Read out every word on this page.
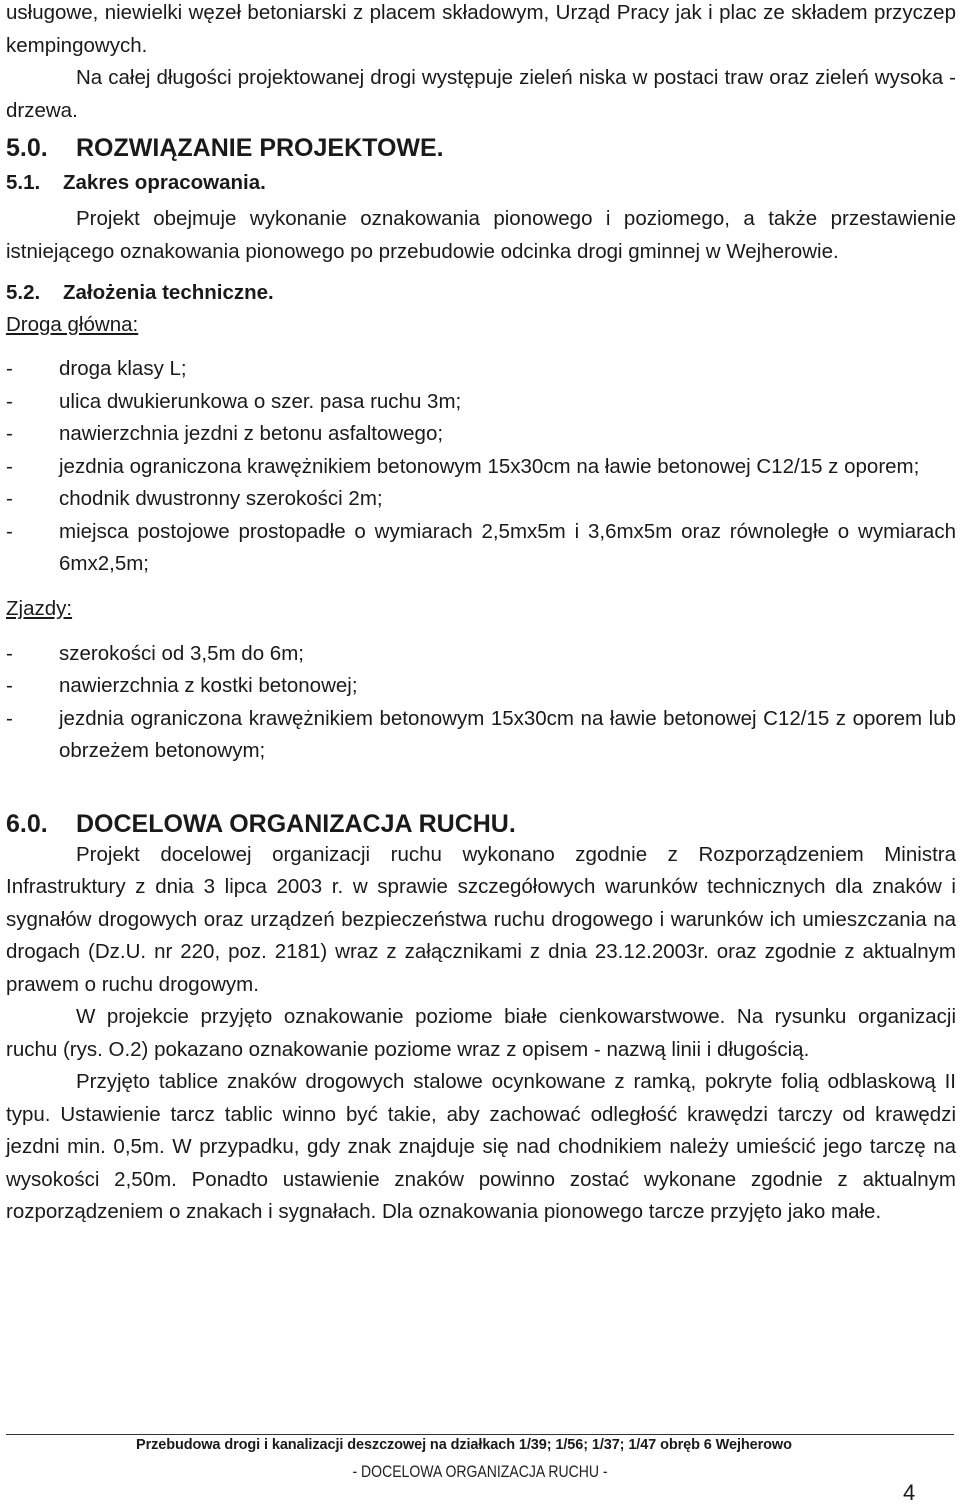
usługowe, niewielki węzeł betoniarski z placem składowym, Urząd Pracy jak i plac ze składem przyczep kempingowych.

Na całej długości projektowanej drogi występuje zieleń niska w postaci traw oraz zieleń wysoka - drzewa.

5.0. ROZWIĄZANIE PROJEKTOWE.
5.1. Zakres opracowania.

Projekt obejmuje wykonanie oznakowania pionowego i poziomego, a także przestawienie istniejącego oznakowania pionowego po przebudowie odcinka drogi gminnej w Wejherowie.

5.2. Założenia techniczne.
Droga główna:
- droga klasy L;
- ulica dwukierunkowa o szer. pasa ruchu 3m;
- nawierzchnia jezdni z betonu asfaltowego;
- jezdnia ograniczona krawężnikiem betonowym 15x30cm na ławie betonowej C12/15 z oporem;
- chodnik dwustronny szerokości 2m;
- miejsca postojowe prostopadłe o wymiarach 2,5mx5m i 3,6mx5m oraz równoległe o wymiarach 6mx2,5m;
Zjazdy:
- szerokości od 3,5m do 6m;
- nawierzchnia z kostki betonowej;
- jezdnia ograniczona krawężnikiem betonowym 15x30cm na ławie betonowej C12/15 z oporem lub obrzeżem betonowym;
6.0. DOCELOWA ORGANIZACJA RUCHU.

Projekt docelowej organizacji ruchu wykonano zgodnie z Rozporządzeniem Ministra Infrastruktury z dnia 3 lipca 2003 r. w sprawie szczegółowych warunków technicznych dla znaków i sygnałów drogowych oraz urządzeń bezpieczeństwa ruchu drogowego i warunków ich umieszczania na drogach (Dz.U. nr 220, poz. 2181) wraz z załącznikami z dnia 23.12.2003r. oraz zgodnie z aktualnym prawem o ruchu drogowym.

W projekcie przyjęto oznakowanie poziome białe cienkowarstwowe. Na rysunku organizacji ruchu (rys. O.2) pokazano oznakowanie poziome wraz z opisem - nazwą linii i długością.

Przyjęto tablice znaków drogowych stalowe ocynkowane z ramką, pokryte folią odblaskową II typu. Ustawienie tarcz tablic winno być takie, aby zachować odległość krawędzi tarczy od krawędzi jezdni min. 0,5m. W przypadku, gdy znak znajduje się nad chodnikiem należy umieścić jego tarczę na wysokości 2,50m. Ponadto ustawienie znaków powinno zostać wykonane zgodnie z aktualnym rozporządzeniem o znakach i sygnałach. Dla oznakowania pionowego tarcze przyjęto jako małe.

Przebudowa drogi i kanalizacji deszczowej na działkach 1/39; 1/56; 1/37; 1/47 obręb 6 Wejherowo
- DOCELOWA ORGANIZACJA RUCHU -
4
